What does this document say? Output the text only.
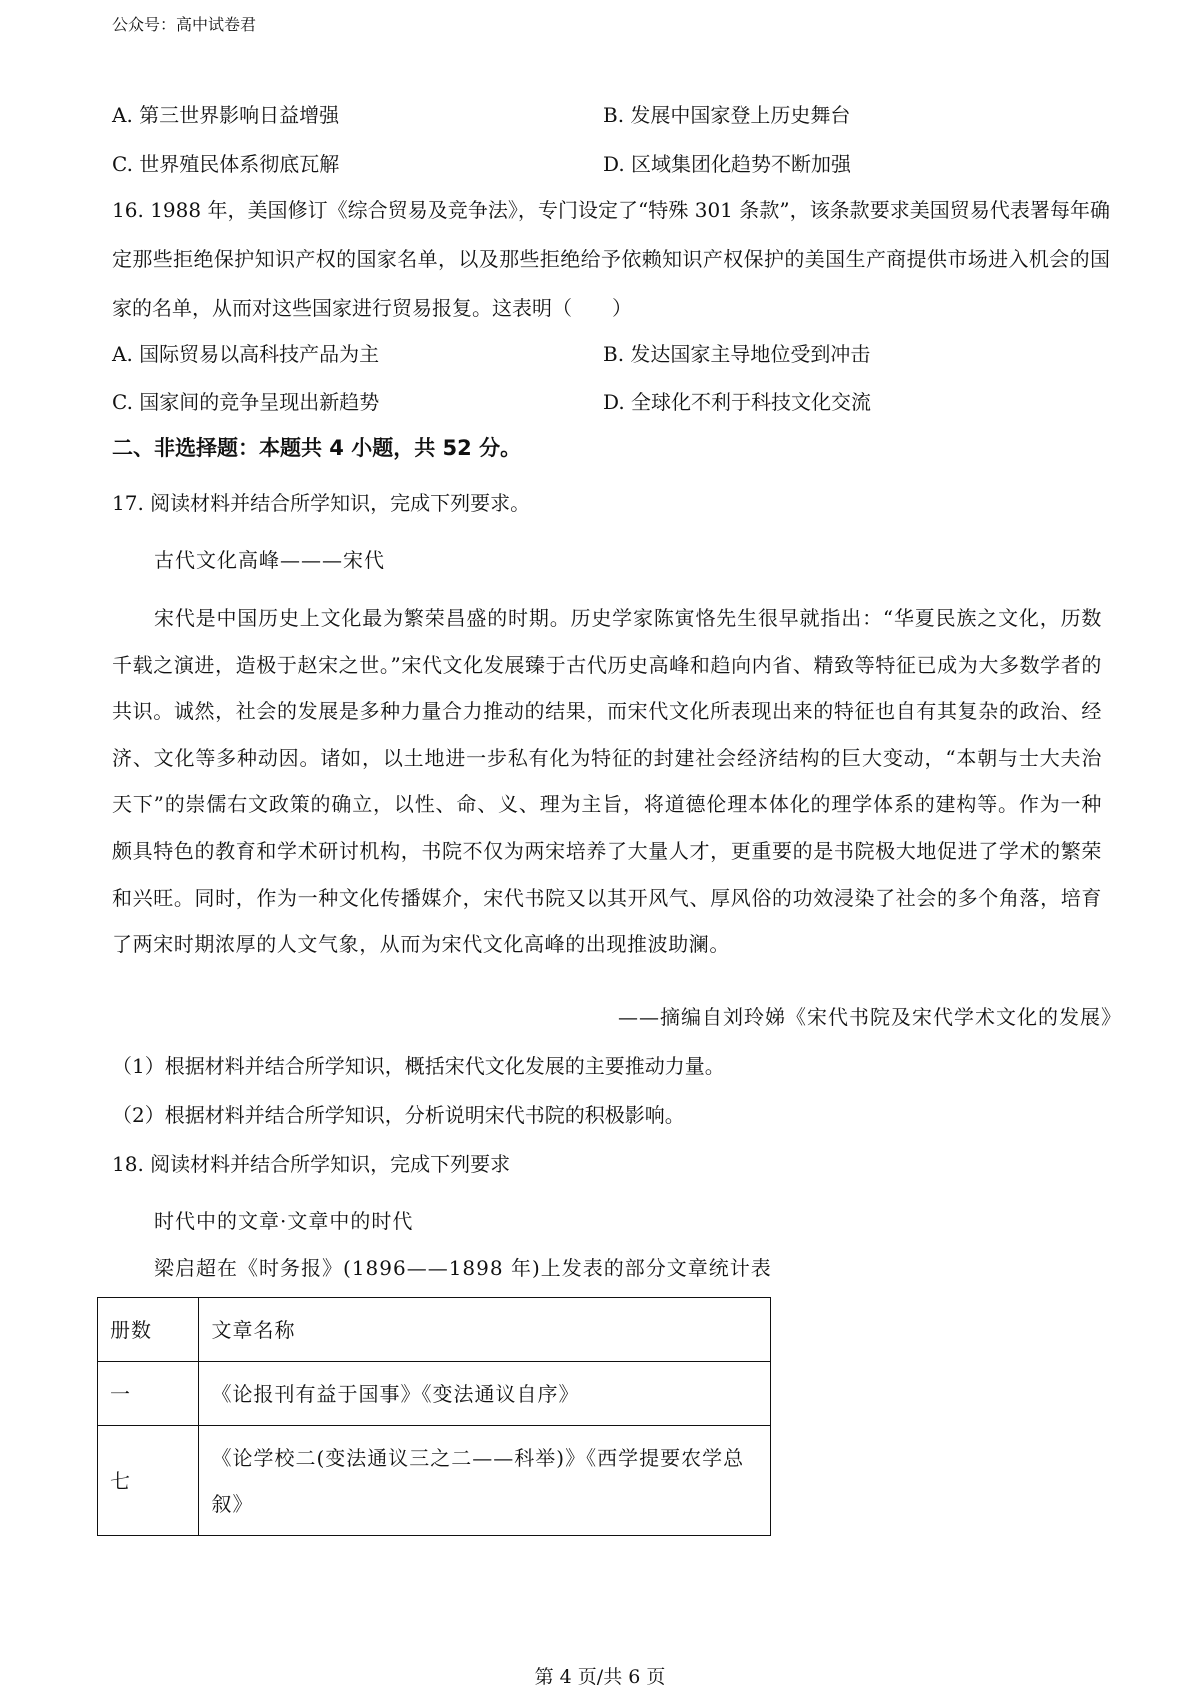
公众号：高中试卷君
A. 第三世界影响日益增强	B. 发展中国家登上历史舞台
C. 世界殖民体系彻底瓦解	D. 区域集团化趋势不断加强
16. 1988 年，美国修订《综合贸易及竞争法》，专门设定了“特殊 301 条款”，该条款要求美国贸易代表署每年确定那些拒绝保护知识产权的国家名单，以及那些拒绝给予依赖知识产权保护的美国生产商提供市场进入机会的国家的名单，从而对这些国家进行贸易报复。这表明（　　）
A. 国际贸易以高科技产品为主	B. 发达国家主导地位受到冲击
C. 国家间的竞争呈现出新趋势	D. 全球化不利于科技文化交流
二、非选择题：本题共 4 小题，共 52 分。
17. 阅读材料并结合所学知识，完成下列要求。
古代文化高峰———宋代
宋代是中国历史上文化最为繁荣昌盛的时期。历史学家陈寅恪先生很早就指出：“华夏民族之文化，历数千载之演进，造极于赵宋之世。”宋代文化发展臻于古代历史高峰和趋向内省、精致等特征已成为大多数学者的共识。诚然，社会的发展是多种力量合力推动的结果，而宋代文化所表现出来的特征也自有其复杂的政治、经济、文化等多种动因。诸如，以土地进一步私有化为特征的封建社会经济结构的巨大变动，“本朝与士大夫治天下”的崇儒右文政策的确立，以性、命、义、理为主旨，将道德伦理本体化的理学体系的建构等。作为一种颇具特色的教育和学术研讨机构，书院不仅为两宋培养了大量人才，更重要的是书院极大地促进了学术的繁荣和兴旺。同时，作为一种文化传播媒介，宋代书院又以其开风气、厚风俗的功效浸染了社会的多个角落，培育了两宋时期浓厚的人文气象，从而为宋代文化高峰的出现推波助澜。
——摘编自刘玲娣《宋代书院及宋代学术文化的发展》
（1）根据材料并结合所学知识，概括宋代文化发展的主要推动力量。
（2）根据材料并结合所学知识，分析说明宋代书院的积极影响。
18. 阅读材料并结合所学知识，完成下列要求
时代中的文章·文章中的时代
梁启超在《时务报》(1896——1898 年)上发表的部分文章统计表
册数	文章名称
一	《论报刊有益于国事》《变法通议自序》
七	《论学校二(变法通议三之二——科举)》《西学提要农学总叙》
第 4 页/共 6 页
